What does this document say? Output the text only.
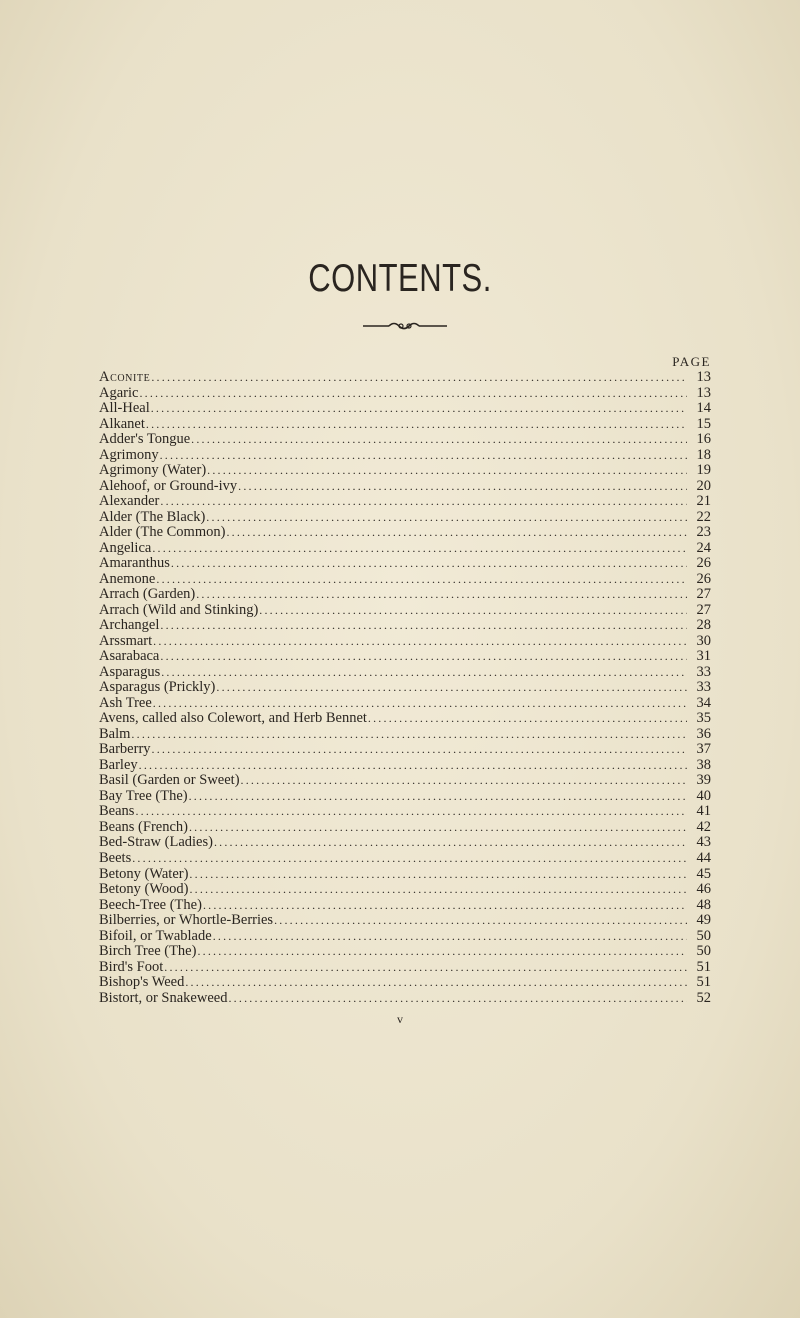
CONTENTS.
PAGE
Aconite .....	13
Agaric .....	13
All-Heal .....	14
Alkanet .....	15
Adder's Tongue .....	16
Agrimony .....	18
Agrimony (Water) .....	19
Alehoof, or Ground-ivy .....	20
Alexander .....	21
Alder (The Black) .....	22
Alder (The Common) .....	23
Angelica .....	24
Amaranthus .....	26
Anemone .....	26
Arrach (Garden) .....	27
Arrach (Wild and Stinking) .....	27
Archangel .....	28
Arssmart .....	30
Asarabaca .....	31
Asparagus .....	33
Asparagus (Prickly) .....	33
Ash Tree .....	34
Avens, called also Colewort, and Herb Bennet .....	35
Balm .....	36
Barberry .....	37
Barley .....	38
Basil (Garden or Sweet) .....	39
Bay Tree (The) .....	40
Beans .....	41
Beans (French) .....	42
Bed-Straw (Ladies) .....	43
Beets .....	44
Betony (Water) .....	45
Betony (Wood) .....	46
Beech-Tree (The) .....	48
Bilberries, or Whortle-Berries .....	49
Bifoil, or Twablade .....	50
Birch Tree (The) .....	50
Bird's Foot .....	51
Bishop's Weed .....	51
Bistort, or Snakeweed .....	52
v
